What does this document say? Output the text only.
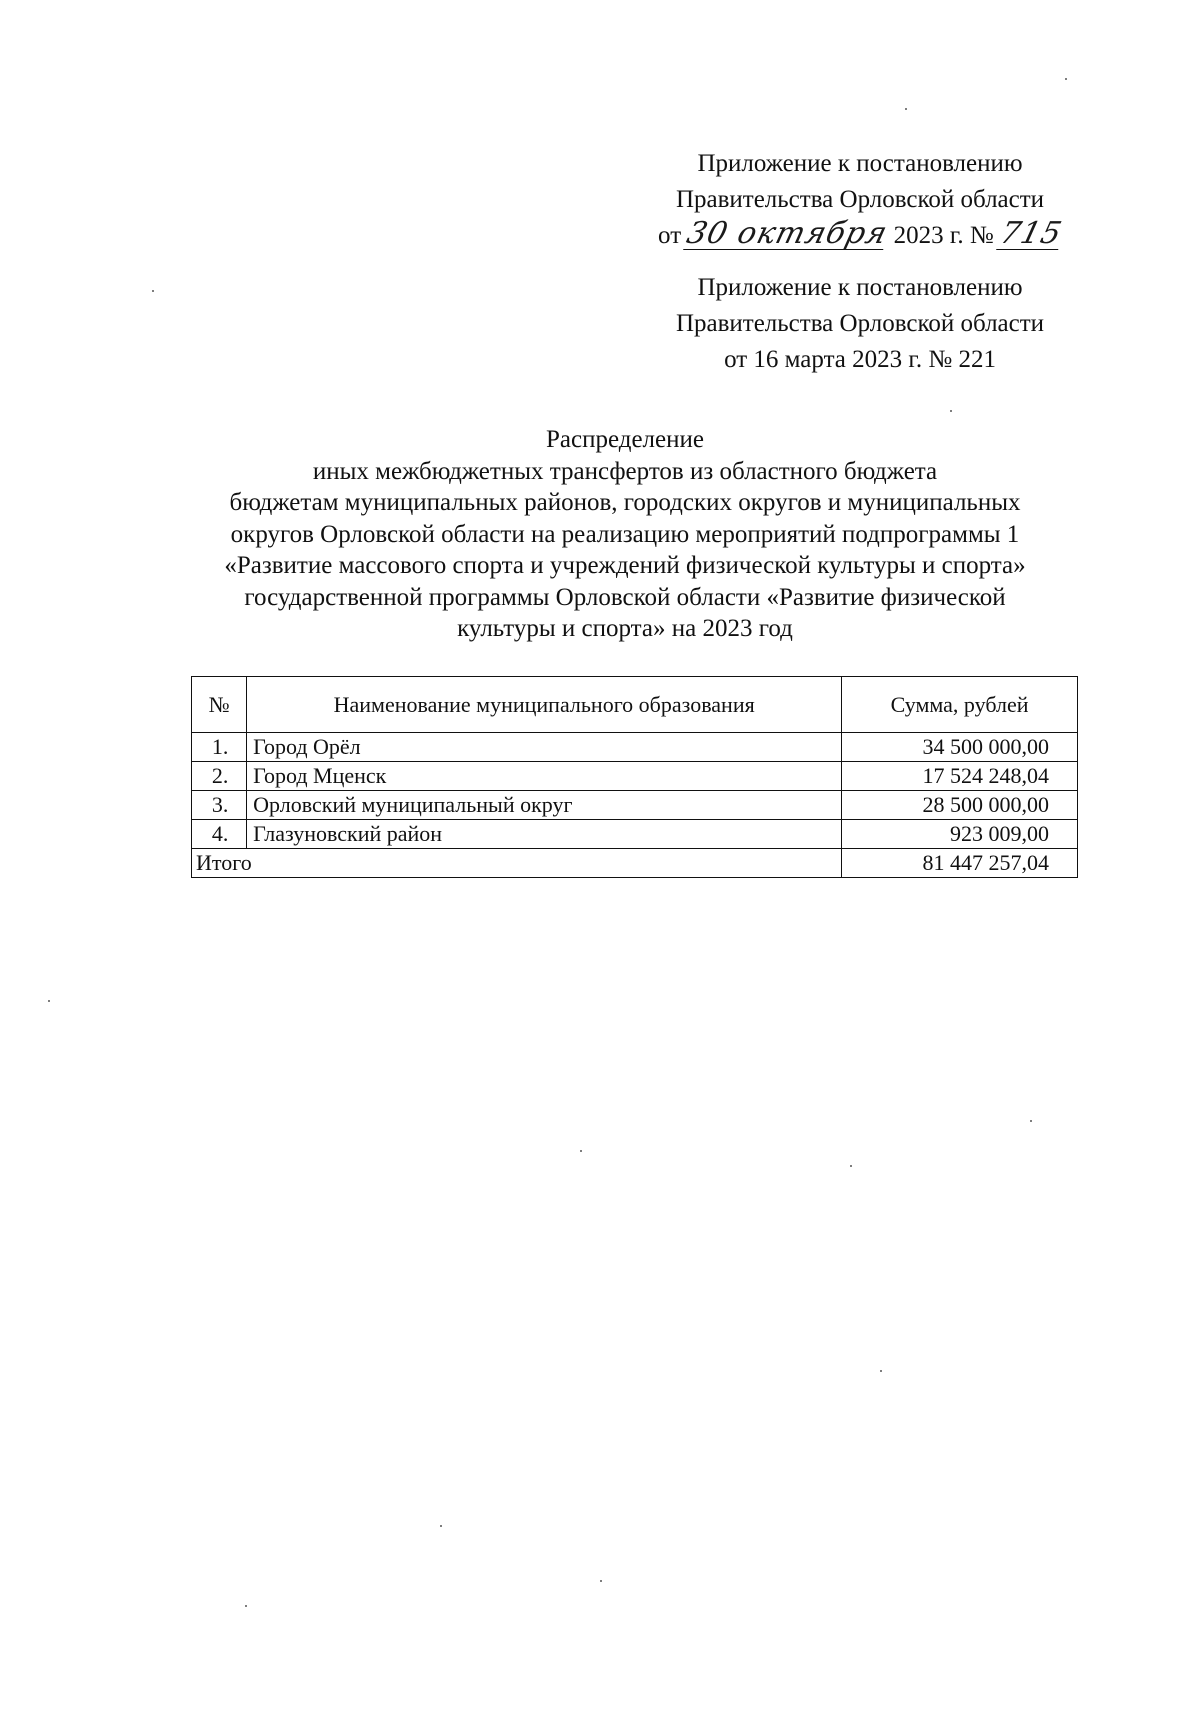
Приложение к постановлению
Правительства Орловской области
от 30 октября 2023 г. № 715
Приложение к постановлению
Правительства Орловской области
от 16 марта 2023 г. № 221
Распределение
иных межбюджетных трансфертов из областного бюджета
бюджетам муниципальных районов, городских округов и муниципальных
округов Орловской области на реализацию мероприятий подпрограммы 1
«Развитие массового спорта и учреждений физической культуры и спорта»
государственной программы Орловской области «Развитие физической
культуры и спорта» на 2023 год
№	Наименование муниципального образования	Сумма, рублей
1.	Город Орёл	34 500 000,00
2.	Город Мценск	17 524 248,04
3.	Орловский муниципальный округ	28 500 000,00
4.	Глазуновский район	923 009,00
Итого		81 447 257,04
